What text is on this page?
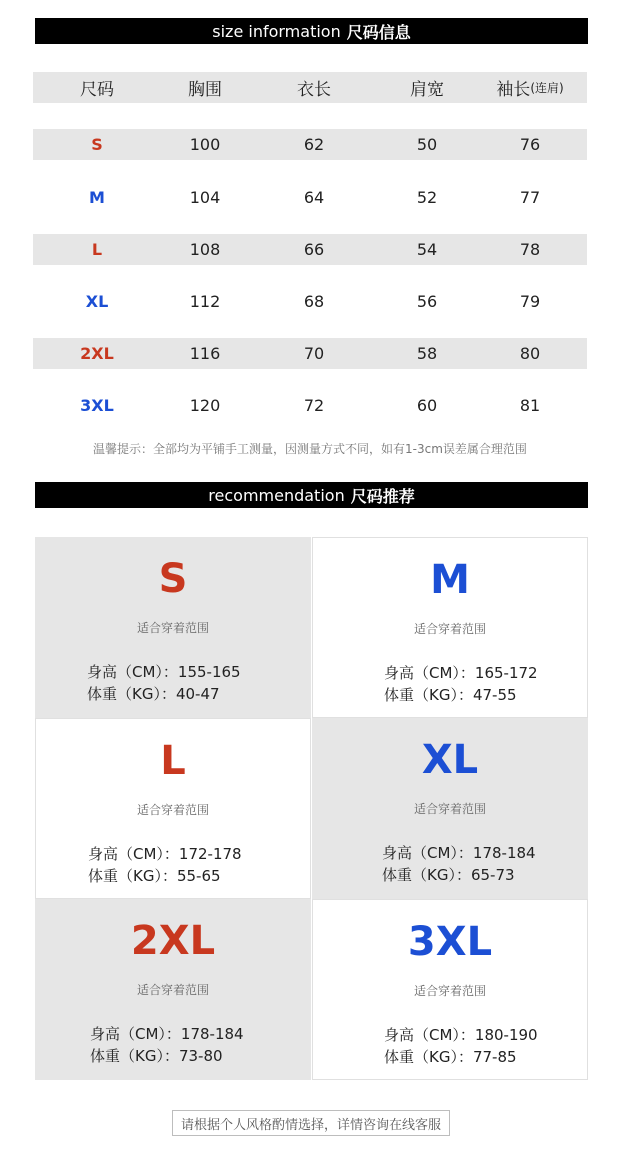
size information 尺码信息
尺码	胸围	衣长	肩宽	袖长 (连肩)
S	100	62	50	76
M	104	64	52	77
L	108	66	54	78
XL	112	68	56	79
2XL	116	70	58	80
3XL	120	72	60	81
温馨提示：全部均为平铺手工测量，因测量方式不同，如有1-3cm误差属合理范围
recommendation 尺码推荐
S
适合穿着范围
身高（CM）：155-165
体重（KG）：40-47
M
适合穿着范围
身高（CM）：165-172
体重（KG）：47-55
L
适合穿着范围
身高（CM）：172-178
体重（KG）：55-65
XL
适合穿着范围
身高（CM）：178-184
体重（KG）：65-73
2XL
适合穿着范围
身高（CM）：178-184
体重（KG）：73-80
3XL
适合穿着范围
身高（CM）：180-190
体重（KG）：77-85
请根据个人风格酌情选择，详情咨询在线客服
